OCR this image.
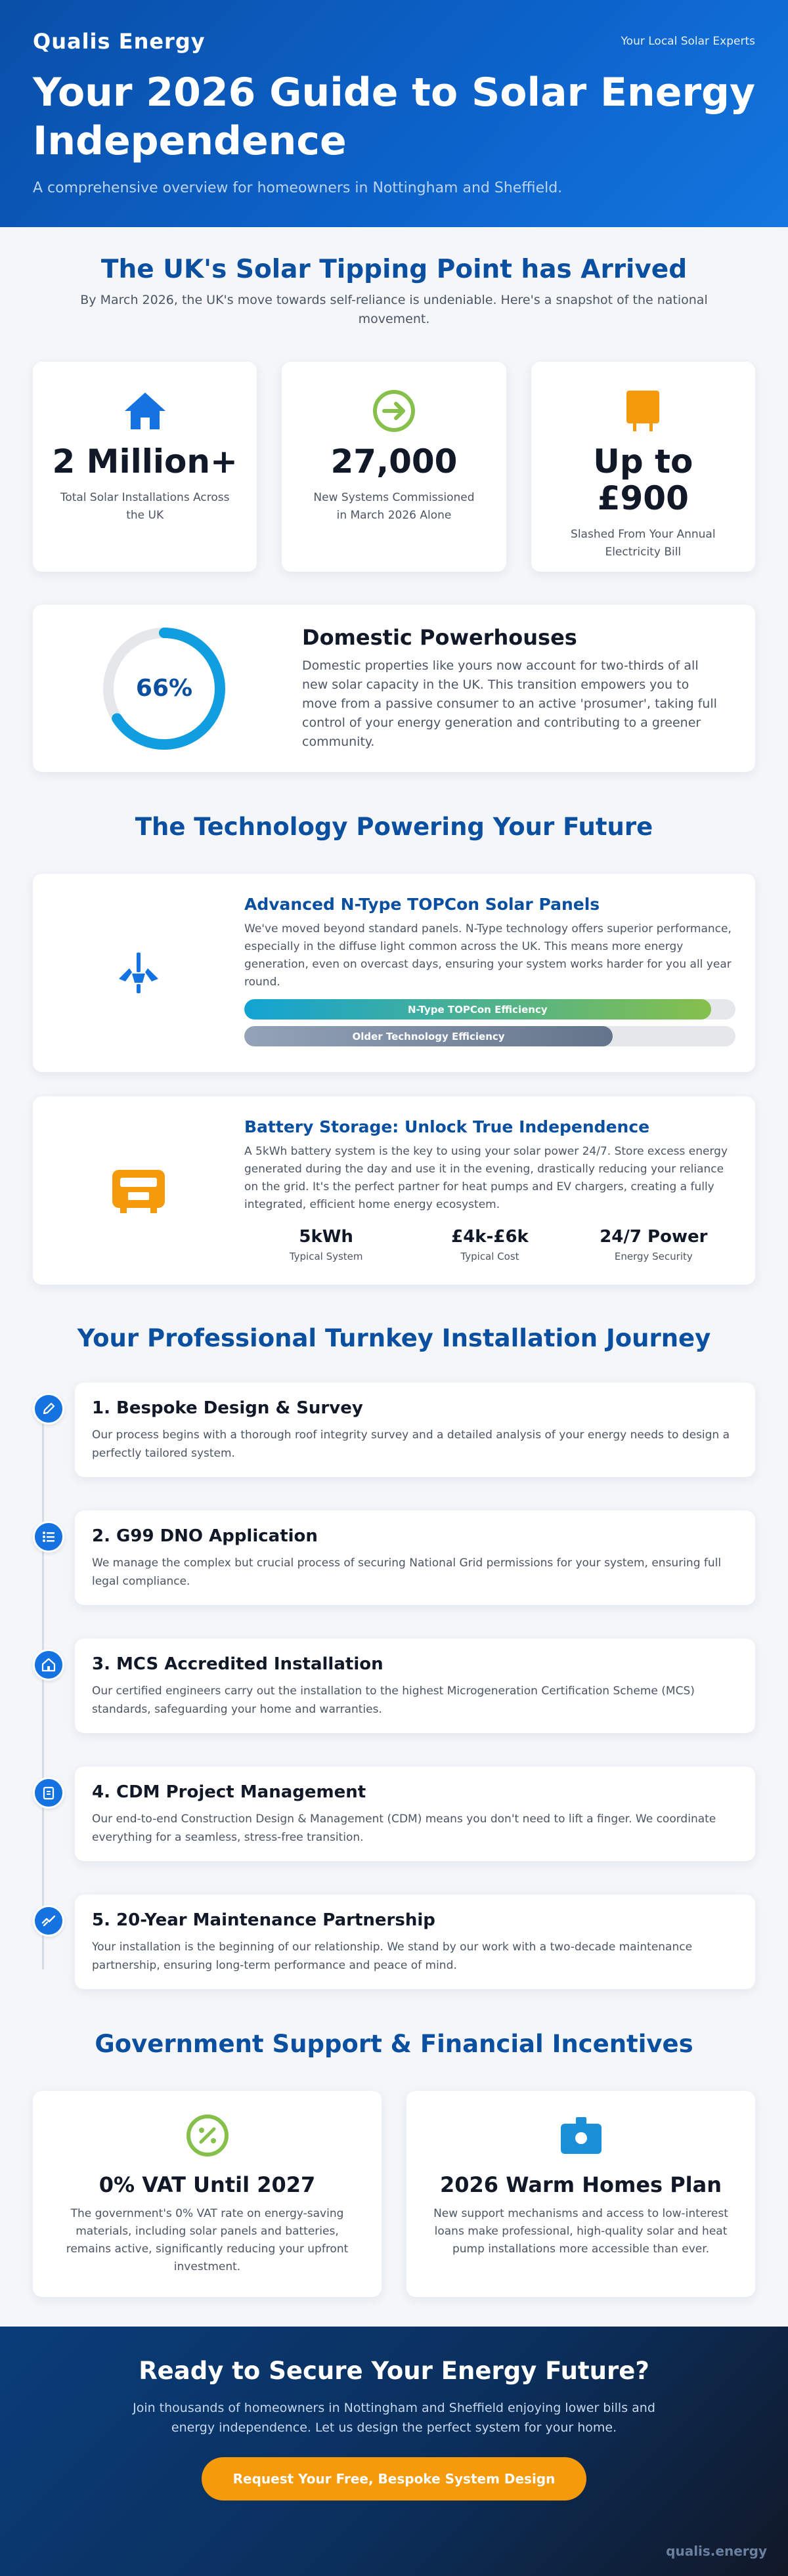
Qualis Energy	Your Local Solar Experts
Your 2026 Guide to Solar Energy Independence

A comprehensive overview for homeowners in Nottingham and Sheffield.

The UK's Solar Tipping Point has Arrived

By March 2026, the UK's move towards self-reliance is undeniable. Here's a snapshot of the national movement.

2 Million+
Total Solar Installations Across the UK
27,000
New Systems Commissioned in March 2026 Alone
Up to £900
Slashed From Your Annual Electricity Bill
66%
Domestic Powerhouses

Domestic properties like yours now account for two-thirds of all new solar capacity in the UK. This transition empowers you to move from a passive consumer to an active 'prosumer', taking full control of your energy generation and contributing to a greener community.

The Technology Powering Your Future
Advanced N-Type TOPCon Solar Panels

We've moved beyond standard panels. N-Type technology offers superior performance, especially in the diffuse light common across the UK. This means more energy generation, even on overcast days, ensuring your system works harder for you all year round.

N-Type TOPCon Efficiency
Older Technology Efficiency
Battery Storage: Unlock True Independence

A 5kWh battery system is the key to using your solar power 24/7. Store excess energy generated during the day and use it in the evening, drastically reducing your reliance on the grid. It's the perfect partner for heat pumps and EV chargers, creating a fully integrated, efficient home energy ecosystem.

5kWh
Typical System
£4k-£6k
Typical Cost
24/7 Power
Energy Security
Your Professional Turnkey Installation Journey
1. Bespoke Design & Survey

Our process begins with a thorough roof integrity survey and a detailed analysis of your energy needs to design a perfectly tailored system.

2. G99 DNO Application

We manage the complex but crucial process of securing National Grid permissions for your system, ensuring full legal compliance.

3. MCS Accredited Installation

Our certified engineers carry out the installation to the highest Microgeneration Certification Scheme (MCS) standards, safeguarding your home and warranties.

4. CDM Project Management

Our end-to-end Construction Design & Management (CDM) means you don't need to lift a finger. We coordinate everything for a seamless, stress-free transition.

5. 20-Year Maintenance Partnership

Your installation is the beginning of our relationship. We stand by our work with a two-decade maintenance partnership, ensuring long-term performance and peace of mind.

Government Support & Financial Incentives
0% VAT Until 2027

The government's 0% VAT rate on energy-saving materials, including solar panels and batteries, remains active, significantly reducing your upfront investment.

2026 Warm Homes Plan

New support mechanisms and access to low-interest loans make professional, high-quality solar and heat pump installations more accessible than ever.

Ready to Secure Your Energy Future?

Join thousands of homeowners in Nottingham and Sheffield enjoying lower bills and energy independence. Let us design the perfect system for your home.

Request Your Free, Bespoke System Design
qualis.energy
